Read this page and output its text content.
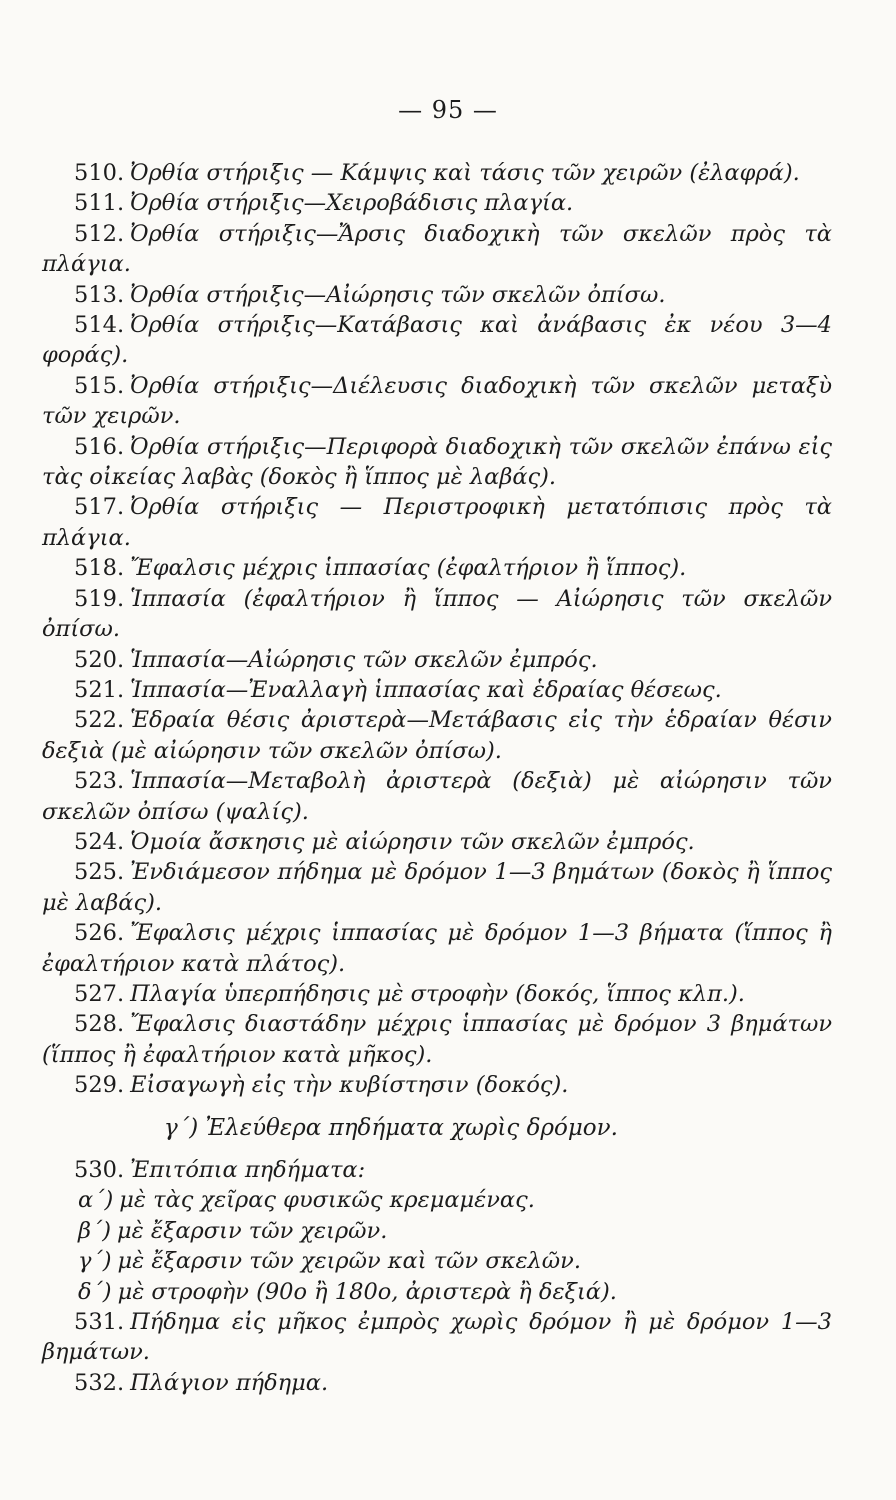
— 95 —

510. Ὀρθία στήριξις — Κάμψις καὶ τάσις τῶν χειρῶν (ἐλαφρά).

511. Ὀρθία στήριξις—Χειροβάδισις πλαγία.

512. Ὀρθία στήριξις—Ἄρσις διαδοχικὴ τῶν σκελῶν πρὸς τὰ πλάγια.

513. Ὀρθία στήριξις—Αἰώρησις τῶν σκελῶν ὀπίσω.

514. Ὀρθία στήριξις—Κατάβασις καὶ ἀνάβασις ἐκ νέου 3—4 φοράς).

515. Ὀρθία στήριξις—Διέλευσις διαδοχικὴ τῶν σκελῶν μεταξὺ τῶν χειρῶν.

516. Ὀρθία στήριξις—Περιφορὰ διαδοχικὴ τῶν σκελῶν ἐπάνω εἰς τὰς οἰκείας λαβὰς (δοκὸς ἢ ἵππος μὲ λαβάς).

517. Ὀρθία στήριξις — Περιστροφικὴ μετατόπισις πρὸς τὰ πλάγια.

518. Ἔφαλσις μέχρις ἱππασίας (ἐφαλτήριον ἢ ἵππος).

519. Ἱππασία (ἐφαλτήριον ἢ ἵππος — Αἰώρησις τῶν σκελῶν ὀπίσω.

520. Ἱππασία—Αἰώρησις τῶν σκελῶν ἐμπρός.

521. Ἱππασία—Ἐναλλαγὴ ἱππασίας καὶ ἑδραίας θέσεως.

522. Ἑδραία θέσις ἀριστερὰ—Μετάβασις εἰς τὴν ἑδραίαν θέσιν δεξιὰ (μὲ αἰώρησιν τῶν σκελῶν ὀπίσω).

523. Ἱππασία—Μεταβολὴ ἀριστερὰ (δεξιὰ) μὲ αἰώρησιν τῶν σκελῶν ὀπίσω (ψαλίς).

524. Ὁμοία ἄσκησις μὲ αἰώρησιν τῶν σκελῶν ἐμπρός.

525. Ἐνδιάμεσον πήδημα μὲ δρόμον 1—3 βημάτων (δοκὸς ἢ ἵππος μὲ λαβάς).

526. Ἔφαλσις μέχρις ἱππασίας μὲ δρόμον 1—3 βήματα (ἵππος ἢ ἐφαλτήριον κατὰ πλάτος).

527. Πλαγία ὑπερπήδησις μὲ στροφὴν (δοκός, ἵππος κλπ.).

528. Ἔφαλσις διαστάδην μέχρις ἱππασίας μὲ δρόμον 3 βημάτων (ἵππος ἢ ἐφαλτήριον κατὰ μῆκος).

529. Εἰσαγωγὴ εἰς τὴν κυβίστησιν (δοκός).

γ΄) Ἐλεύθερα πηδήματα χωρὶς δρόμον.

530. Ἐπιτόπια πηδήματα:

α΄) μὲ τὰς χεῖρας φυσικῶς κρεμαμένας.

β΄) μὲ ἔξαρσιν τῶν χειρῶν.

γ΄) μὲ ἔξαρσιν τῶν χειρῶν καὶ τῶν σκελῶν.

δ΄) μὲ στροφὴν (90ο ἢ 180ο, ἀριστερὰ ἢ δεξιά).

531. Πήδημα εἰς μῆκος ἐμπρὸς χωρὶς δρόμον ἢ μὲ δρόμον 1—3 βημάτων.

532. Πλάγιον πήδημα.
